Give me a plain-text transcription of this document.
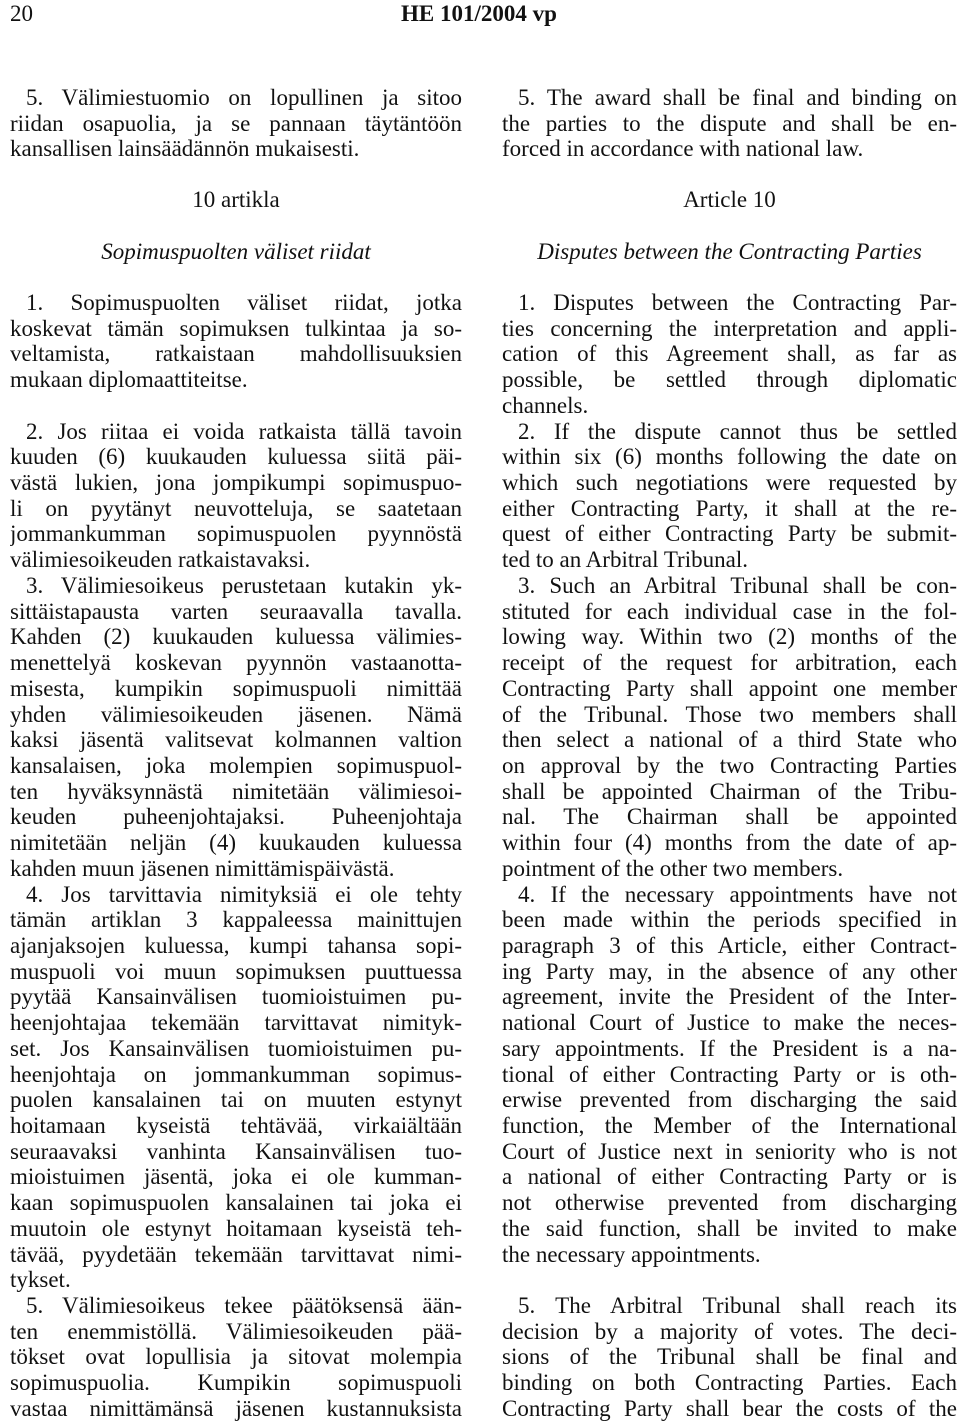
20	HE 101/2004 vp
5. Välimiestuomio on lopullinen ja sitoo
riidan osapuolia, ja se pannaan täytäntöön
kansallisen lainsäädännön mukaisesti.
10 artikla
Sopimuspuolten väliset riidat
1. Sopimuspuolten väliset riidat, jotka
koskevat tämän sopimuksen tulkintaa ja so-
veltamista, ratkaistaan mahdollisuuksien
mukaan diplomaattiteitse.
2. Jos riitaa ei voida ratkaista tällä tavoin
kuuden (6) kuukauden kuluessa siitä päi-
västä lukien, jona jompikumpi sopimuspuo-
li on pyytänyt neuvotteluja, se saatetaan
jommankumman sopimuspuolen pyynnöstä
välimiesoikeuden ratkaistavaksi.
3. Välimiesoikeus perustetaan kutakin yk-
sittäistapausta varten seuraavalla tavalla.
Kahden (2) kuukauden kuluessa välimies-
menettelyä koskevan pyynnön vastaanotta-
misesta, kumpikin sopimuspuoli nimittää
yhden välimiesoikeuden jäsenen. Nämä
kaksi jäsentä valitsevat kolmannen valtion
kansalaisen, joka molempien sopimuspuol-
ten hyväksynnästä nimitetään välimiesoi-
keuden puheenjohtajaksi. Puheenjohtaja
nimitetään neljän (4) kuukauden kuluessa
kahden muun jäsenen nimittämispäivästä.
4. Jos tarvittavia nimityksiä ei ole tehty
tämän artiklan 3 kappaleessa mainittujen
ajanjaksojen kuluessa, kumpi tahansa sopi-
muspuoli voi muun sopimuksen puuttuessa
pyytää Kansainvälisen tuomioistuimen pu-
heenjohtajaa tekemään tarvittavat nimityk-
set. Jos Kansainvälisen tuomioistuimen pu-
heenjohtaja on jommankumman sopimus-
puolen kansalainen tai on muuten estynyt
hoitamaan kyseistä tehtävää, virkaiältään
seuraavaksi vanhinta Kansainvälisen tuo-
mioistuimen jäsentä, joka ei ole kumman-
kaan sopimuspuolen kansalainen tai joka ei
muutoin ole estynyt hoitamaan kyseistä teh-
tävää, pyydetään tekemään tarvittavat nimi-
tykset.
5. Välimiesoikeus tekee päätöksensä ään-
ten enemmistöllä. Välimiesoikeuden pää-
tökset ovat lopullisia ja sitovat molempia
sopimuspuolia. Kumpikin sopimuspuoli
vastaa nimittämänsä jäsenen kustannuksista
5. The award shall be final and binding on
the parties to the dispute and shall be en-
forced in accordance with national law.
Article 10
Disputes between the Contracting Parties
1. Disputes between the Contracting Par-
ties concerning the interpretation and appli-
cation of this Agreement shall, as far as
possible, be settled through diplomatic
channels.
2. If the dispute cannot thus be settled
within six (6) months following the date on
which such negotiations were requested by
either Contracting Party, it shall at the re-
quest of either Contracting Party be submit-
ted to an Arbitral Tribunal.
3. Such an Arbitral Tribunal shall be con-
stituted for each individual case in the fol-
lowing way. Within two (2) months of the
receipt of the request for arbitration, each
Contracting Party shall appoint one member
of the Tribunal. Those two members shall
then select a national of a third State who
on approval by the two Contracting Parties
shall be appointed Chairman of the Tribu-
nal. The Chairman shall be appointed
within four (4) months from the date of ap-
pointment of the other two members.
4. If the necessary appointments have not
been made within the periods specified in
paragraph 3 of this Article, either Contract-
ing Party may, in the absence of any other
agreement, invite the President of the Inter-
national Court of Justice to make the neces-
sary appointments. If the President is a na-
tional of either Contracting Party or is oth-
erwise prevented from discharging the said
function, the Member of the International
Court of Justice next in seniority who is not
a national of either Contracting Party or is
not otherwise prevented from discharging
the said function, shall be invited to make
the necessary appointments.
5. The Arbitral Tribunal shall reach its
decision by a majority of votes. The deci-
sions of the Tribunal shall be final and
binding on both Contracting Parties. Each
Contracting Party shall bear the costs of the
